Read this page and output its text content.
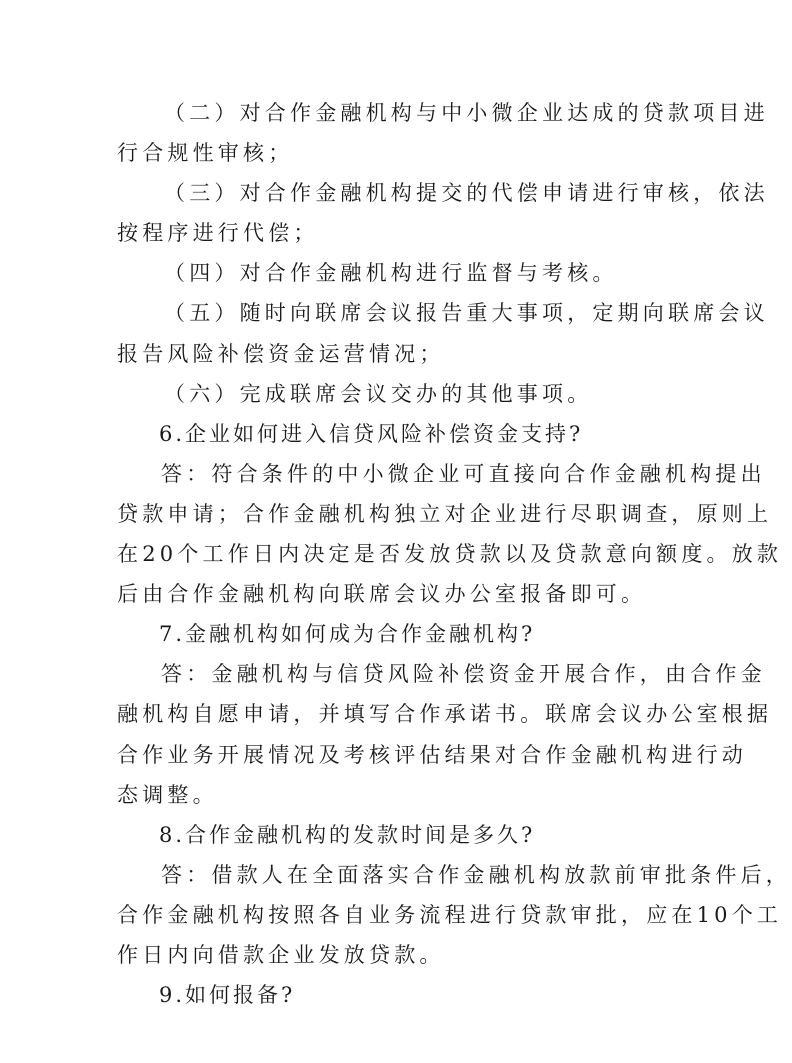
（二）对合作金融机构与中小微企业达成的贷款项目进
行合规性审核；
（三）对合作金融机构提交的代偿申请进行审核，依法
按程序进行代偿；
（四）对合作金融机构进行监督与考核。
（五）随时向联席会议报告重大事项，定期向联席会议
报告风险补偿资金运营情况；
（六）完成联席会议交办的其他事项。
6.企业如何进入信贷风险补偿资金支持?
答：符合条件的中小微企业可直接向合作金融机构提出
贷款申请；合作金融机构独立对企业进行尽职调查，原则上
在20个工作日内决定是否发放贷款以及贷款意向额度。放款
后由合作金融机构向联席会议办公室报备即可。
7.金融机构如何成为合作金融机构?
答：金融机构与信贷风险补偿资金开展合作，由合作金
融机构自愿申请，并填写合作承诺书。联席会议办公室根据
合作业务开展情况及考核评估结果对合作金融机构进行动
态调整。
8.合作金融机构的发款时间是多久?
答：借款人在全面落实合作金融机构放款前审批条件后，
合作金融机构按照各自业务流程进行贷款审批，应在10个工
作日内向借款企业发放贷款。
9.如何报备?
